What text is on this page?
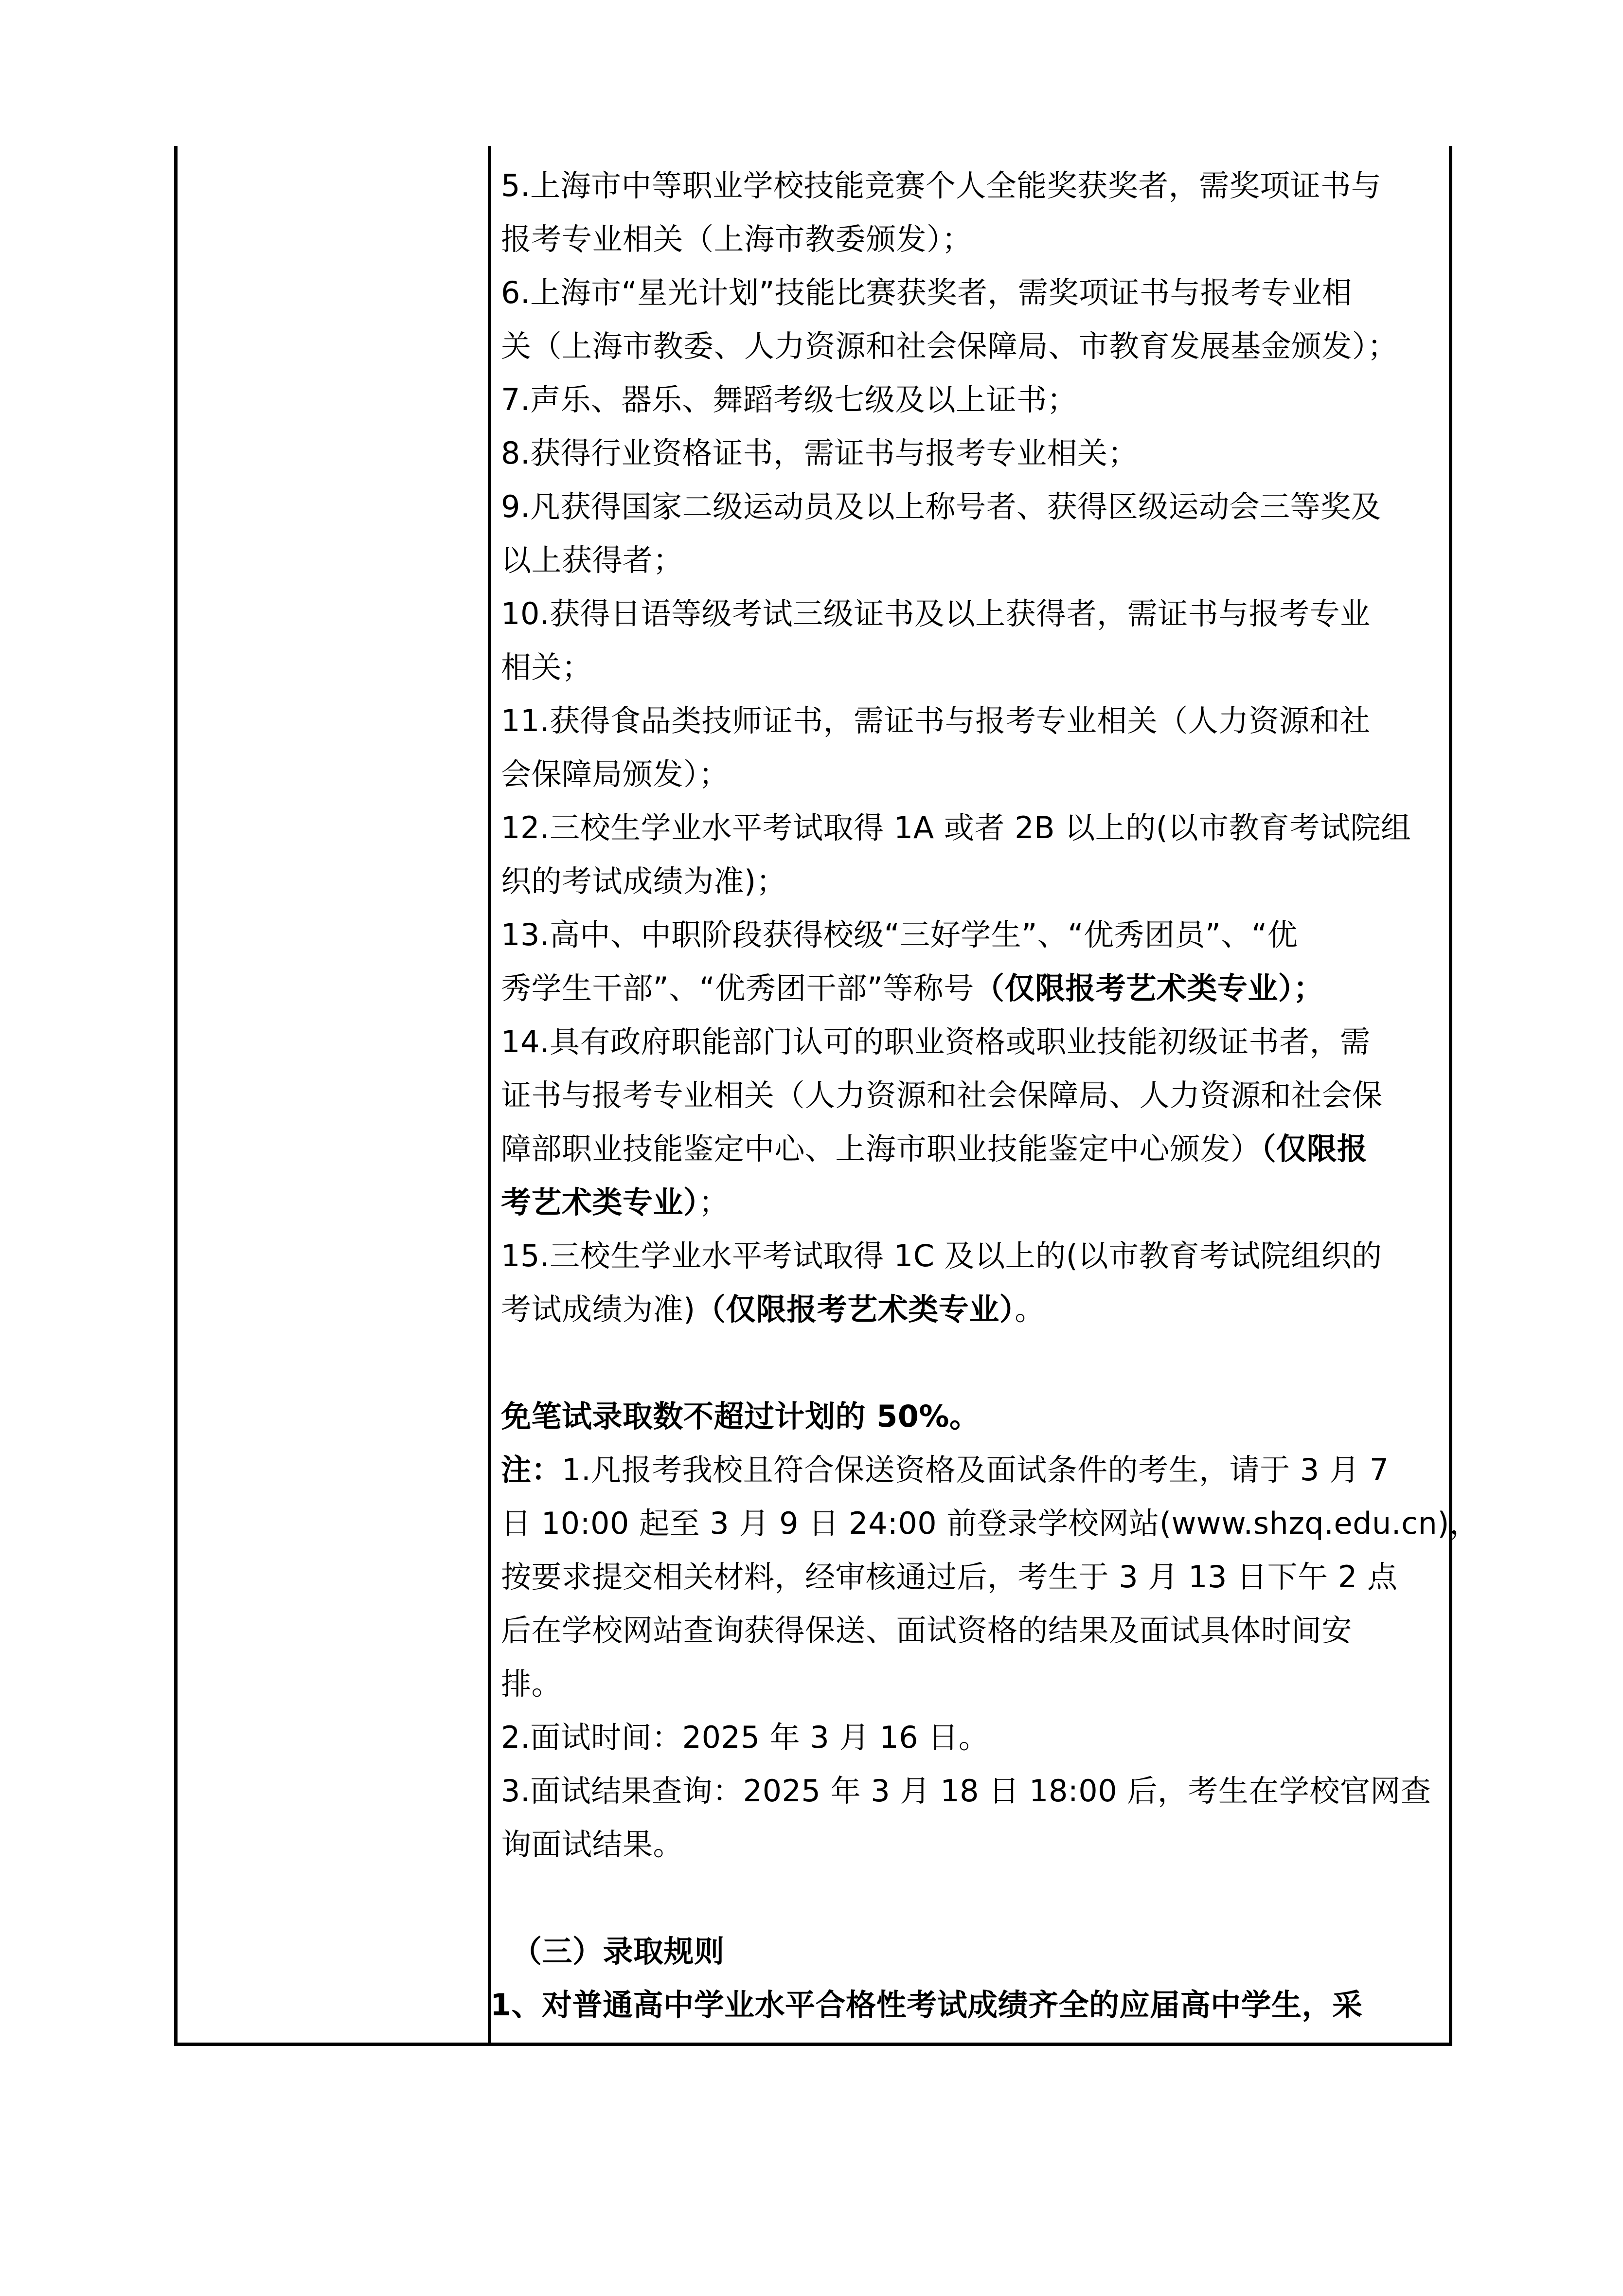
5.上海市中等职业学校技能竞赛个人全能奖获奖者，需奖项证书与
报考专业相关（上海市教委颁发）；
6.上海市“星光计划”技能比赛获奖者，需奖项证书与报考专业相
关（上海市教委、人力资源和社会保障局、市教育发展基金颁发）；
7.声乐、器乐、舞蹈考级七级及以上证书；
8.获得行业资格证书，需证书与报考专业相关；
9.凡获得国家二级运动员及以上称号者、获得区级运动会三等奖及
以上获得者；
10.获得日语等级考试三级证书及以上获得者，需证书与报考专业
相关；
11.获得食品类技师证书，需证书与报考专业相关（人力资源和社
会保障局颁发）；
12.三校生学业水平考试取得 1A 或者 2B 以上的(以市教育考试院组
织的考试成绩为准)；
13.高中、中职阶段获得校级“三好学生”、“优秀团员”、“优
秀学生干部”、“优秀团干部”等称号（仅限报考艺术类专业）；
14.具有政府职能部门认可的职业资格或职业技能初级证书者，需
证书与报考专业相关（人力资源和社会保障局、人力资源和社会保
障部职业技能鉴定中心、上海市职业技能鉴定中心颁发）（仅限报
考艺术类专业）；
15.三校生学业水平考试取得 1C 及以上的(以市教育考试院组织的
考试成绩为准)（仅限报考艺术类专业）。
免笔试录取数不超过计划的 50%。
注：1.凡报考我校且符合保送资格及面试条件的考生，请于 3 月 7
日 10:00 起至 3 月 9 日 24:00 前登录学校网站(www.shzq.edu.cn)，
按要求提交相关材料，经审核通过后，考生于 3 月 13 日下午 2 点
后在学校网站查询获得保送、面试资格的结果及面试具体时间安
排。
2.面试时间：2025 年 3 月 16 日。
3.面试结果查询：2025 年 3 月 18 日 18:00 后，考生在学校官网查
询面试结果。
（三）录取规则
1、对普通高中学业水平合格性考试成绩齐全的应届高中学生，采
